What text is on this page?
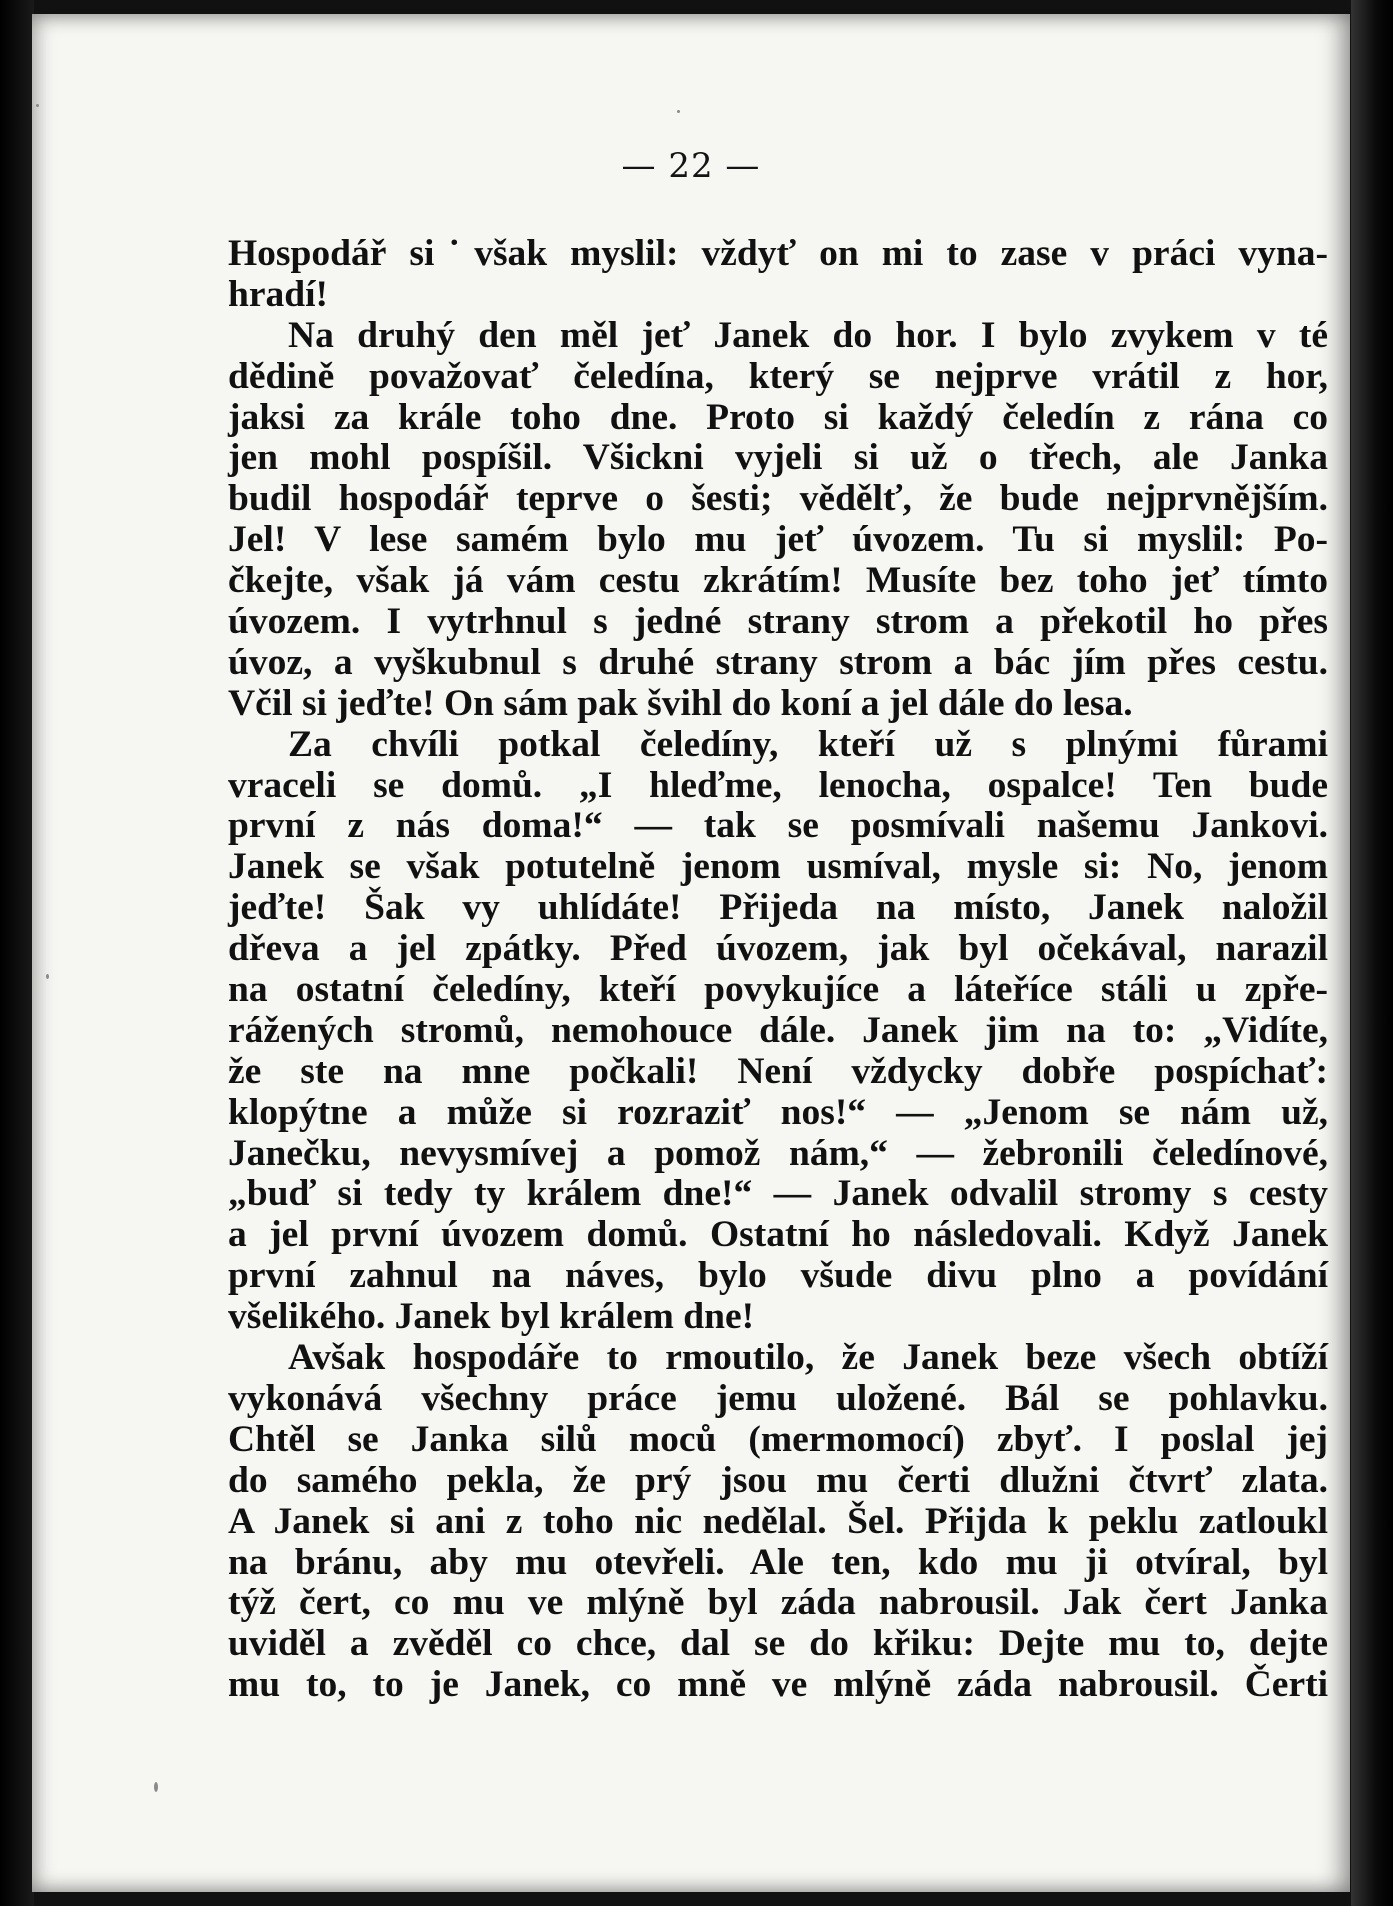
— 22 —
Hospodář si˙však myslil: vždyť on mi to zase v práci vyna-
hradí!
Na druhý den měl jeť Janek do hor. I bylo zvykem v té
dědině považovať čeledína, který se nejprve vrátil z hor,
jaksi za krále toho dne. Proto si každý čeledín z rána co
jen mohl pospíšil. Všickni vyjeli si už o třech, ale Janka
budil hospodář teprve o šesti; vědělť, že bude nejprvnějším.
Jel! V lese samém bylo mu jeť úvozem. Tu si myslil: Po-
čkejte, však já vám cestu zkrátím! Musíte bez toho jeť tímto
úvozem. I vytrhnul s jedné strany strom a překotil ho přes
úvoz, a vyškubnul s druhé strany strom a bác jím přes cestu.
Včil si jeďte! On sám pak švihl do koní a jel dále do lesa.
Za chvíli potkal čeledíny, kteří už s plnými fůrami
vraceli se domů. „I hleďme, lenocha, ospalce! Ten bude
první z nás doma!“ — tak se posmívali našemu Jankovi.
Janek se však potutelně jenom usmíval, mysle si: No, jenom
jeďte! Šak vy uhlídáte! Přijeda na místo, Janek naložil
dřeva a jel zpátky. Před úvozem, jak byl očekával, narazil
na ostatní čeledíny, kteří povykujíce a láteříce stáli u zpře-
rážených stromů, nemohouce dále. Janek jim na to: „Vidíte,
že ste na mne počkali! Není vždycky dobře pospíchať:
klopýtne a může si rozraziť nos!“ — „Jenom se nám už,
Janečku, nevysmívej a pomož nám,“ — žebronili čeledínové,
„buď si tedy ty králem dne!“ — Janek odvalil stromy s cesty
a jel první úvozem domů. Ostatní ho následovali. Když Janek
první zahnul na náves, bylo všude divu plno a povídání
všelikého. Janek byl králem dne!
Avšak hospodáře to rmoutilo, že Janek beze všech obtíží
vykonává všechny práce jemu uložené. Bál se pohlavku.
Chtěl se Janka silů moců (mermomocí) zbyť. I poslal jej
do samého pekla, že prý jsou mu čerti dlužni čtvrť zlata.
A Janek si ani z toho nic nedělal. Šel. Přijda k peklu zatloukl
na bránu, aby mu otevřeli. Ale ten, kdo mu ji otvíral, byl
týž čert, co mu ve mlýně byl záda nabrousil. Jak čert Janka
uviděl a zvěděl co chce, dal se do křiku: Dejte mu to, dejte
mu to, to je Janek, co mně ve mlýně záda nabrousil. Čerti
